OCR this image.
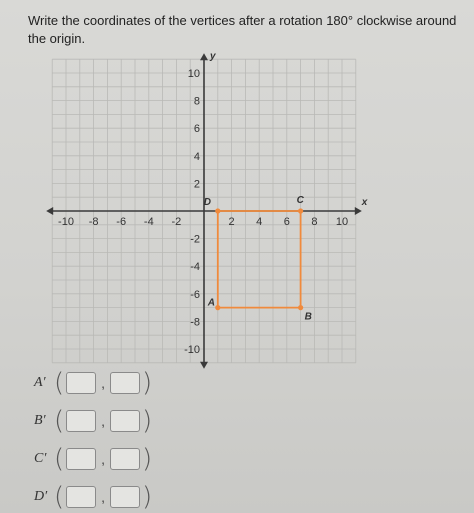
Write the coordinates of the vertices after a rotation 180° clockwise around
the origin.
x
y
-10 -8 -6 -4 -2	2 4 6 8 10
10
8
6
4
2
-2
-4
-6
-8
-10
A
B
C
D
A′ (	, )
B′ (	, )
C′ (	, )
D′ (	, )
